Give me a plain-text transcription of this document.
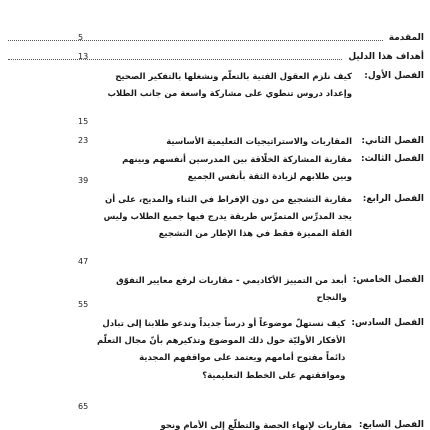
المقدمة
5
أهداف هذا الدليل
13
الفصل الأول:
كيف نلزم العقول الفتية بالتعلّم ونشغلها بالتفكير الصحيح وإعداد دروس تنطوي على مشاركة واسعة من جانب الطلاب
15
الفصل الثاني:
المقاربات والاستراتيجيات التعليمية الأساسية
23
الفصل الثالث:
مقاربة المشاركة الخلّاقة بين المدرسين أنفسهم وبينهم وبين طلابهم لزيادة الثقة بأنفس الجميع
39
الفصل الرابع:
مقاربة التشجيع من دون الإفراط في الثناء والمديح، على أن يجد المدرِّس المتمرِّس طريقة يدرج فيها جميع الطلاب وليس القلة المميزة فقط في هذا الإطار من التشجيع
47
الفصل الخامس:
أبعد من التمييز الأكاديمي - مقاربات لرفع معايير التفوّق والنجاح
55
الفصل السادس:
كيف نستهلّ موضوعاً أو درساً جديداً وندعو طلابنا إلى تبادل الأفكار الأوليّة حول ذلك الموضوع وتذكيرهم بأنّ مجال التعلّم دائماً مفتوح أمامهم ويعتمد على مواقفهم المجدية وموافقتهم على الخطط التعليمية؟
65
الفصل السابع:
مقاربات لإنهاء الحصة والتطلّع إلى الأمام ونحو
